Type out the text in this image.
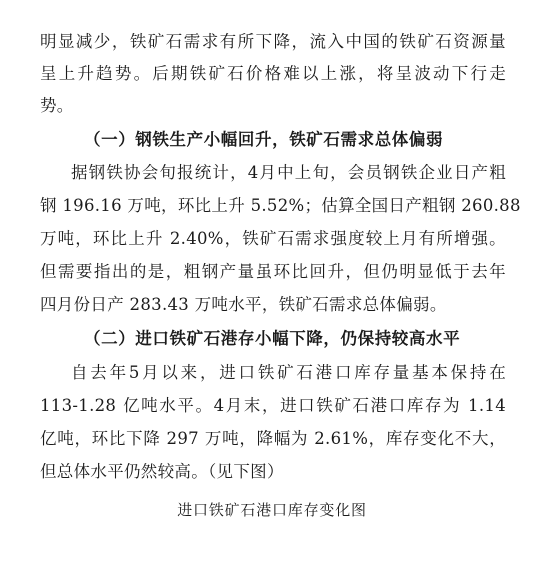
明显减少，铁矿石需求有所下降，流入中国的铁矿石资源量
呈上升趋势。后期铁矿石价格难以上涨，将呈波动下行走
势。
（一）钢铁生产小幅回升，铁矿石需求总体偏弱
据钢铁协会旬报统计，4月中上旬，会员钢铁企业日产粗
钢 196.16 万吨，环比上升 5.52%；估算全国日产粗钢 260.88
万吨，环比上升 2.40%，铁矿石需求强度较上月有所增强。
但需要指出的是，粗钢产量虽环比回升，但仍明显低于去年
四月份日产 283.43 万吨水平，铁矿石需求总体偏弱。
（二）进口铁矿石港存小幅下降，仍保持较高水平
自去年5月以来，进口铁矿石港口库存量基本保持在
113-1.28 亿吨水平。4月末，进口铁矿石港口库存为 1.14
亿吨，环比下降 297 万吨，降幅为 2.61%，库存变化不大，
但总体水平仍然较高。（见下图）
进口铁矿石港口库存变化图
